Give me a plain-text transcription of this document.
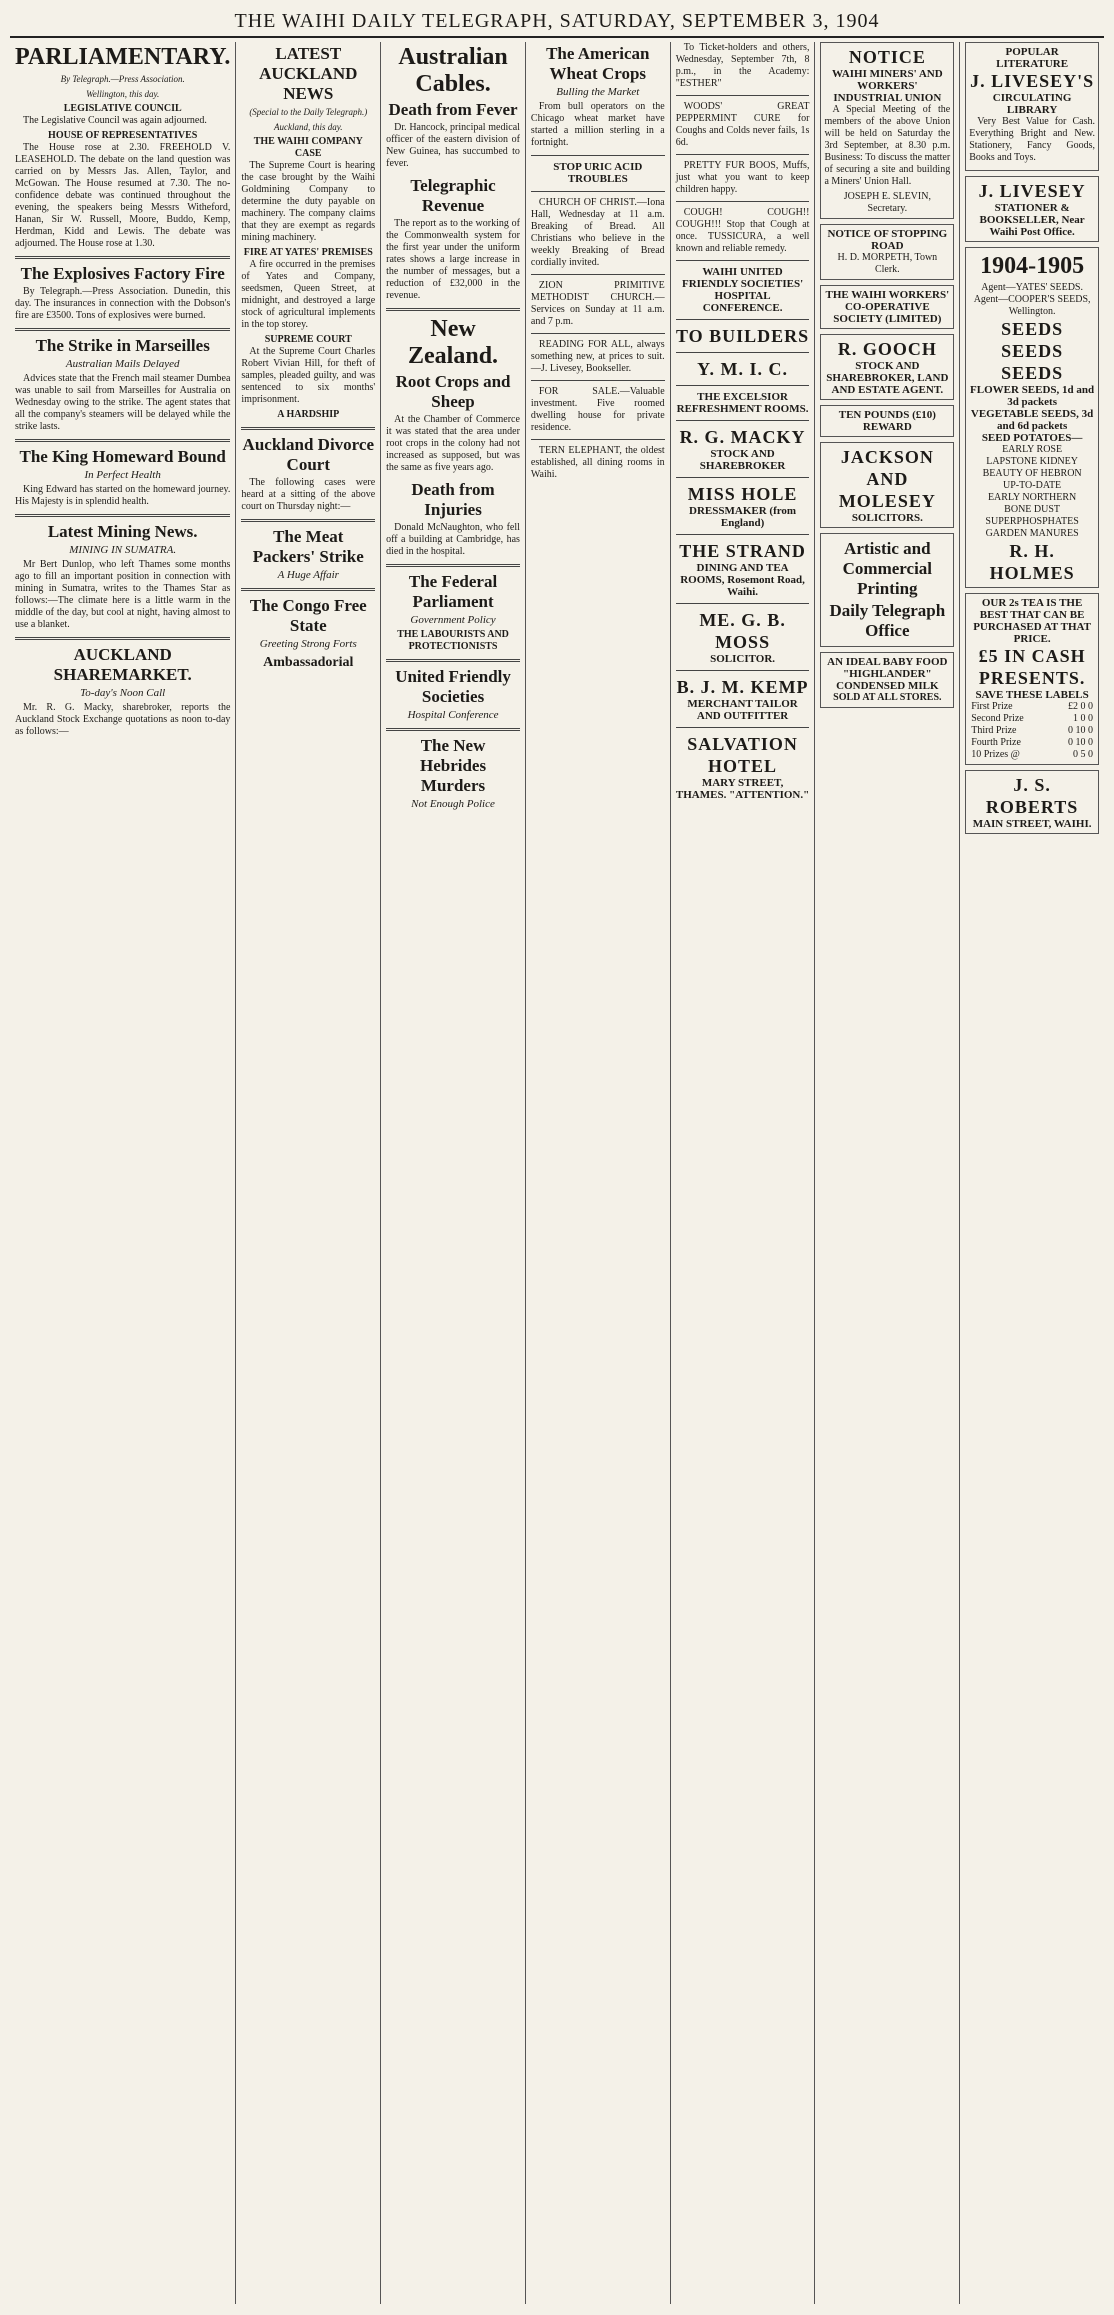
THE WAIHI DAILY TELEGRAPH, SATURDAY, SEPTEMBER 3, 1904
PARLIAMENTARY.
By Telegraph.—Press Association.
Wellington, this day.
LEGISLATIVE COUNCIL
The Legislative Council was again adjourned.
HOUSE OF REPRESENTATIVES
The House rose at 2.30. FREEHOLD V. LEASEHOLD. The debate on the land question was carried on by Messrs Jas. Allen, Taylor, and McGowan. The House resumed at 7.30. The no-confidence debate was continued throughout the evening, the speakers being Messrs Witheford, Hanan, Sir W. Russell, Moore, Buddo, Kemp, Herdman, Kidd and Lewis. The debate was adjourned. The House rose at 1.30.
The Explosives Factory Fire
By Telegraph.—Press Association. Dunedin, this day. The insurances in connection with the Dobson's fire are £3500. Tons of explosives were burned.
The Strike in Marseilles
Australian Mails Delayed
Advices state that the French mail steamer Dumbea was unable to sail from Marseilles for Australia on Wednesday owing to the strike. The agent states that all the company's steamers will be delayed while the strike lasts.
The King Homeward Bound
In Perfect Health
King Edward has started on the homeward journey. His Majesty is in splendid health.
Latest Mining News.
MINING IN SUMATRA.
Mr Bert Dunlop, who left Thames some months ago to fill an important position in connection with mining in Sumatra, writes to the Thames Star as follows:—The climate here is a little warm in the middle of the day, but cool at night, having almost to use a blanket.
AUCKLAND SHAREMARKET.
To-day's Noon Call
Mr. R. G. Macky, sharebroker, reports the Auckland Stock Exchange quotations as noon to-day as follows:—
LATEST AUCKLAND NEWS
(Special to the Daily Telegraph.)
Auckland, this day.
THE WAIHI COMPANY CASE
The Supreme Court is hearing the case brought by the Waihi Goldmining Company to determine the duty payable on machinery. The company claims that they are exempt as regards mining machinery.
FIRE AT YATES' PREMISES
A fire occurred in the premises of Yates and Company, seedsmen, Queen Street, at midnight, and destroyed a large stock of agricultural implements in the top storey.
SUPREME COURT
At the Supreme Court Charles Robert Vivian Hill, for theft of samples, pleaded guilty, and was sentenced to six months' imprisonment.
A HARDSHIP
Auckland Divorce Court
The following cases were heard at a sitting of the above court on Thursday night:—
The Meat Packers' Strike
A Huge Affair
The Congo Free State
Greeting Strong Forts
Ambassadorial
Australian Cables.
Death from Fever
Dr. Hancock, principal medical officer of the eastern division of New Guinea, has succumbed to fever.
Telegraphic Revenue
The report as to the working of the Commonwealth system for the first year under the uniform rates shows a large increase in the number of messages, but a reduction of £32,000 in the revenue.
New Zealand.
Root Crops and Sheep
At the Chamber of Commerce it was stated that the area under root crops in the colony had not increased as supposed, but was the same as five years ago.
Death from Injuries
Donald McNaughton, who fell off a building at Cambridge, has died in the hospital.
The Federal Parliament
Government Policy
THE LABOURISTS AND PROTECTIONISTS
United Friendly Societies
Hospital Conference
The New Hebrides Murders
Not Enough Police
The American Wheat Crops
Bulling the Market
From bull operators on the Chicago wheat market have started a million sterling in a fortnight.
STOP URIC ACID TROUBLES
CHURCH OF CHRIST.—Iona Hall, Wednesday at 11 a.m. Breaking of Bread. All Christians who believe in the weekly Breaking of Bread cordially invited.
ZION PRIMITIVE METHODIST CHURCH.—Services on Sunday at 11 a.m. and 7 p.m.
READING FOR ALL, always something new, at prices to suit.—J. Livesey, Bookseller.
FOR SALE.—Valuable investment. Five roomed dwelling house for private residence.
TERN ELEPHANT, the oldest established, all dining rooms in Waihi.
To Ticket-holders and others, Wednesday, September 7th, 8 p.m., in the Academy: "ESTHER"
WOODS' GREAT PEPPERMINT CURE for Coughs and Colds never fails, 1s 6d.
PRETTY FUR BOOS, Muffs, just what you want to keep children happy.
COUGH! COUGH!! COUGH!!! Stop that Cough at once. TUSSICURA, a well known and reliable remedy.
WAIHI UNITED FRIENDLY SOCIETIES' HOSPITAL CONFERENCE.
TO BUILDERS
Y. M. I. C.
THE EXCELSIOR REFRESHMENT ROOMS.
R. G. MACKY
STOCK AND SHAREBROKER
MISS HOLE
DRESSMAKER (from England)
THE STRAND
DINING AND TEA ROOMS, Rosemont Road, Waihi.
ME. G. B. MOSS
SOLICITOR.
B. J. M. KEMP
MERCHANT TAILOR AND OUTFITTER
SALVATION HOTEL
MARY STREET, THAMES. "ATTENTION."
NOTICE
WAIHI MINERS' AND WORKERS' INDUSTRIAL UNION
A Special Meeting of the members of the above Union will be held on Saturday the 3rd September, at 8.30 p.m. Business: To discuss the matter of securing a site and building a Miners' Union Hall.
JOSEPH E. SLEVIN, Secretary.
NOTICE OF STOPPING ROAD
H. D. MORPETH, Town Clerk.
THE WAIHI WORKERS' CO-OPERATIVE SOCIETY (LIMITED)
R. GOOCH
STOCK AND SHAREBROKER, LAND AND ESTATE AGENT.
TEN POUNDS (£10) REWARD
JACKSON AND MOLESEY
SOLICITORS.
Artistic and Commercial Printing
Daily Telegraph Office
AN IDEAL BABY FOOD
"HIGHLANDER" CONDENSED MILK
SOLD AT ALL STORES.
POPULAR LITERATURE
J. LIVESEY'S
CIRCULATING LIBRARY
Very Best Value for Cash. Everything Bright and New. Stationery, Fancy Goods, Books and Toys.
J. LIVESEY
STATIONER & BOOKSELLER, Near Waihi Post Office.
1904-1905
Agent—YATES' SEEDS. Agent—COOPER'S SEEDS, Wellington.
SEEDS
SEEDS
SEEDS
FLOWER SEEDS, 1d and 3d packets
VEGETABLE SEEDS, 3d and 6d packets
SEED POTATOES—
EARLY ROSE
LAPSTONE KIDNEY
BEAUTY OF HEBRON
UP-TO-DATE
EARLY NORTHERN
BONE DUST
SUPERPHOSPHATES
GARDEN MANURES
R. H. HOLMES
OUR 2s TEA IS THE BEST THAT CAN BE PURCHASED AT THAT PRICE.
£5 IN CASH PRESENTS.
SAVE THESE LABELS
First Prize	£2 0 0
Second Prize	1 0 0
Third Prize	0 10 0
Fourth Prize	0 10 0
10 Prizes @	0 5 0
J. S. ROBERTS
MAIN STREET, WAIHI.
